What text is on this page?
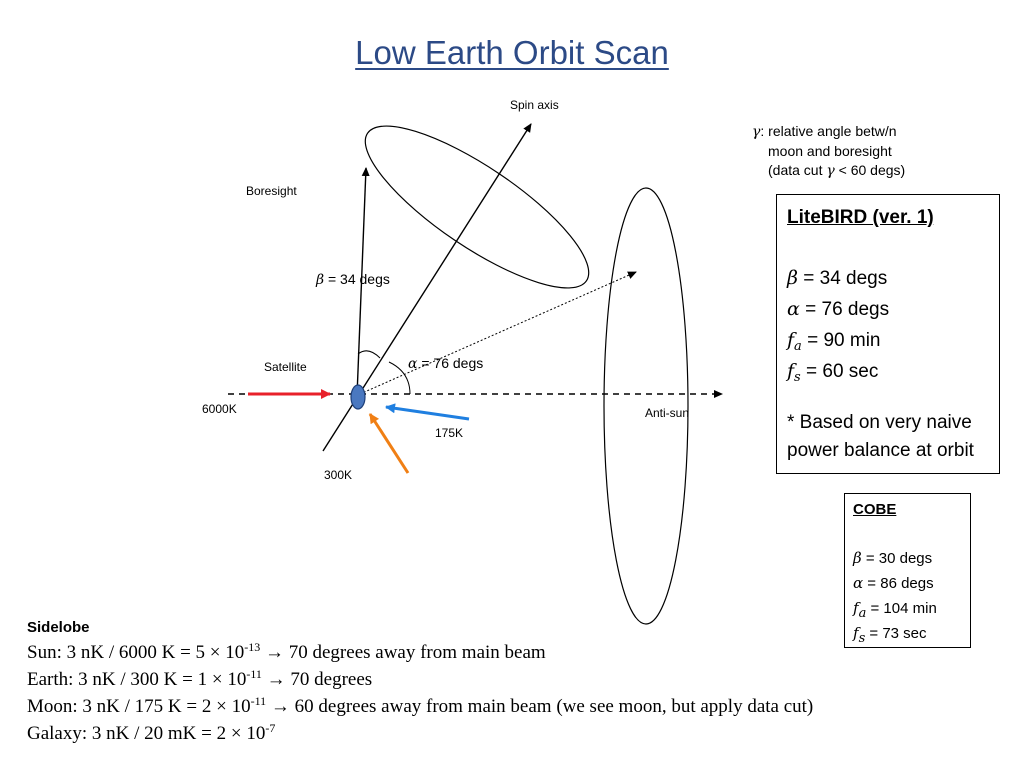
Low Earth Orbit Scan
Spin axis
Boresight
β = 34 degs
α = 76 degs
Satellite
6000K
175K
300K
Anti-sun
γ: relative angle betw/n
moon and boresight
(data cut γ < 60 degs)
LiteBIRD (ver. 1)
β = 34 degs
α = 76 degs
$f_a = 90$ min
$f_s = 60$ sec
* Based on very naive
power balance at orbit
COBE
β = 30 degs
α = 86 degs
$f_a = 104$ min
$f_s = 73$ sec
Sidelobe
Sun: 3 nK / 6000 $K = 5 \times 10^{-13} \to 70$ degrees away from main beam
Earth: 3 nK / 300 $K = 1 \times 10^{-11} \to 70$ degrees
Moon: 3 nK / 175 $K = 2 \times 10^{-11} \to 60$ degrees away from main beam (we see moon, but apply data cut)
Galaxy: 3 nK / 20 mK = $2 \times 10^{-7}$
